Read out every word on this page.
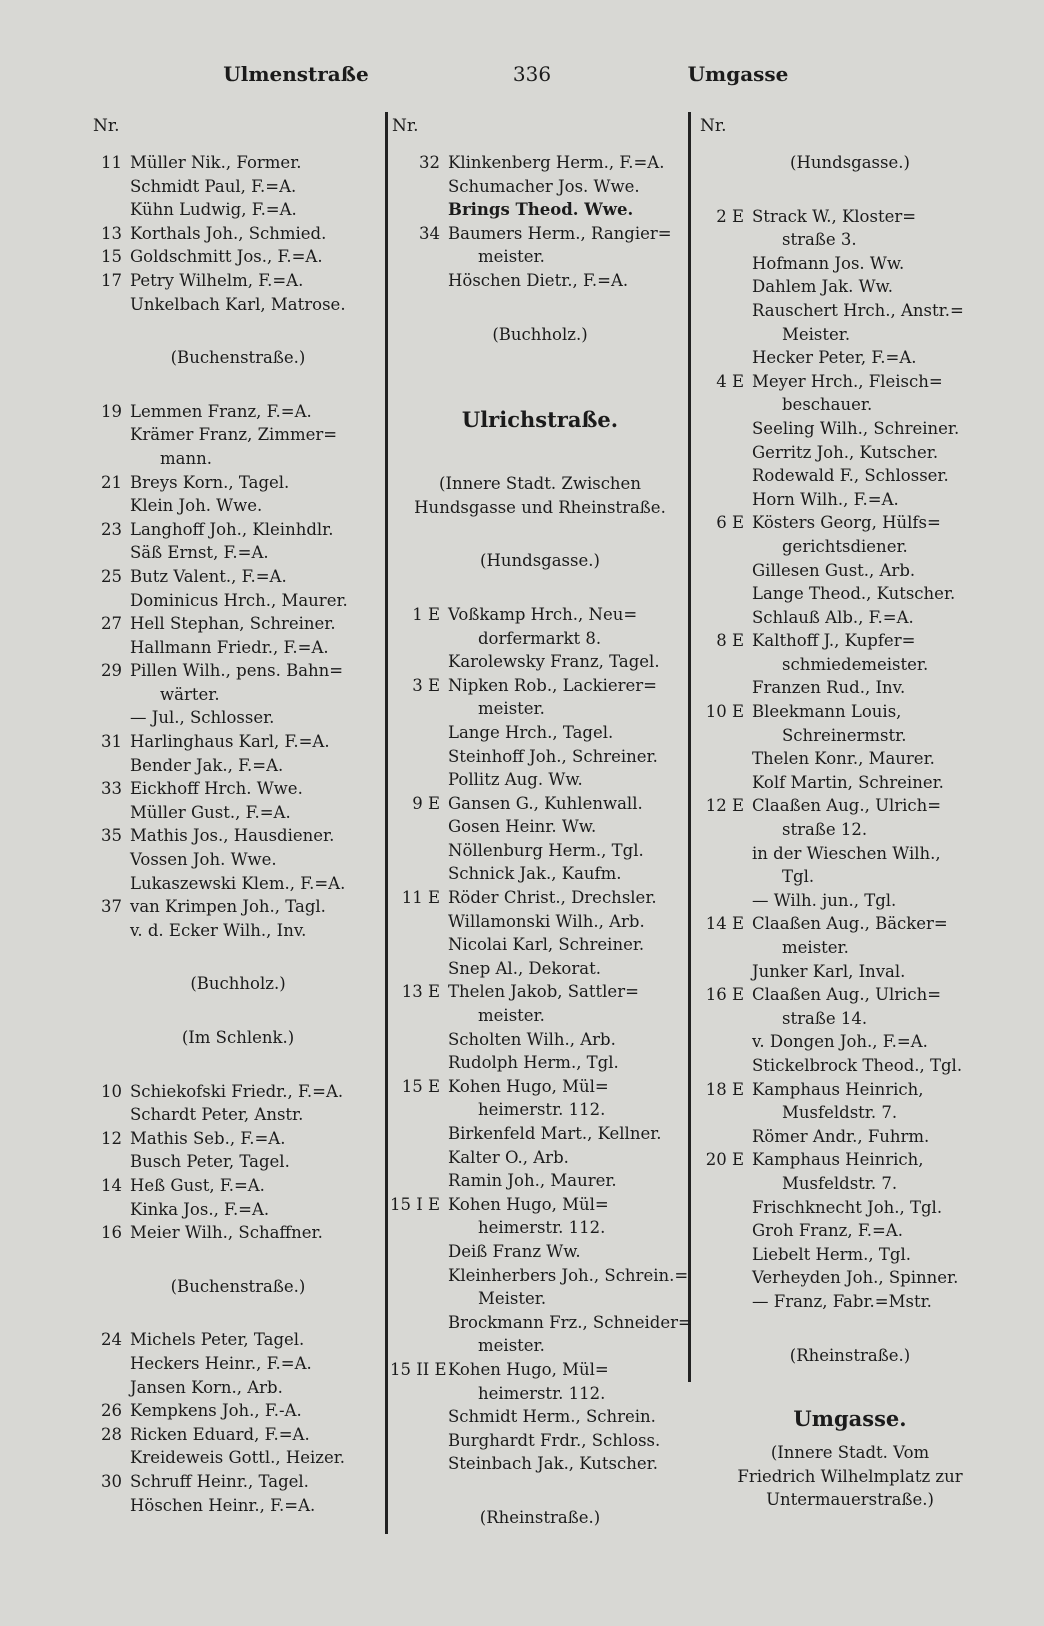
Ulmenstraße	336	Umgasse
Nr.	Nr.	Nr.
11 Müller Nik., Former.
Schmidt Paul, F.=A.
Kühn Ludwig, F.=A.
13 Korthals Joh., Schmied.
15 Goldschmitt Jos., F.=A.
17 Petry Wilhelm, F.=A.
Unkelbach Karl, Matrose.
(Buchenstraße.)
19 Lemmen Franz, F.=A.
Krämer Franz, Zimmer=
mann.
21 Breys Korn., Tagel.
Klein Joh. Wwe.
23 Langhoff Joh., Kleinhdlr.
Säß Ernst, F.=A.
25 Butz Valent., F.=A.
Dominicus Hrch., Maurer.
27 Hell Stephan, Schreiner.
Hallmann Friedr., F.=A.
29 Pillen Wilh., pens. Bahn=
wärter.
— Jul., Schlosser.
31 Harlinghaus Karl, F.=A.
Bender Jak., F.=A.
33 Eickhoff Hrch. Wwe.
Müller Gust., F.=A.
35 Mathis Jos., Hausdiener.
Vossen Joh. Wwe.
Lukaszewski Klem., F.=A.
37 van Krimpen Joh., Tagl.
v. d. Ecker Wilh., Inv.
(Buchholz.)
(Im Schlenk.)
10 Schiekofski Friedr., F.=A.
Schardt Peter, Anstr.
12 Mathis Seb., F.=A.
Busch Peter, Tagel.
14 Heß Gust, F.=A.
Kinka Jos., F.=A.
16 Meier Wilh., Schaffner.
(Buchenstraße.)
24 Michels Peter, Tagel.
Heckers Heinr., F.=A.
Jansen Korn., Arb.
26 Kempkens Joh., F.-A.
28 Ricken Eduard, F.=A.
Kreideweis Gottl., Heizer.
30 Schruff Heinr., Tagel.
Höschen Heinr., F.=A.
32 Klinkenberg Herm., F.=A.
Schumacher Jos. Wwe.
Brings Theod. Wwe.
34 Baumers Herm., Rangier=
meister.
Höschen Dietr., F.=A.
(Buchholz.)
Ulrichstraße.
(Innere Stadt. Zwischen
Hundsgasse und Rheinstraße.
(Hundsgasse.)
1 E Voßkamp Hrch., Neu=
dorfermarkt 8.
Karolewsky Franz, Tagel.
3 E Nipken Rob., Lackierer=
meister.
Lange Hrch., Tagel.
Steinhoff Joh., Schreiner.
Pollitz Aug. Ww.
9 E Gansen G., Kuhlenwall.
Gosen Heinr. Ww.
Nöllenburg Herm., Tgl.
Schnick Jak., Kaufm.
11 E Röder Christ., Drechsler.
Willamonski Wilh., Arb.
Nicolai Karl, Schreiner.
Snep Al., Dekorat.
13 E Thelen Jakob, Sattler=
meister.
Scholten Wilh., Arb.
Rudolph Herm., Tgl.
15 E Kohen Hugo, Mül=
heimerstr. 112.
Birkenfeld Mart., Kellner.
Kalter O., Arb.
Ramin Joh., Maurer.
15 I E Kohen Hugo, Mül=
heimerstr. 112.
Deiß Franz Ww.
Kleinherbers Joh., Schrein.=
Meister.
Brockmann Frz., Schneider=
meister.
15 II EKohen Hugo, Mül=
heimerstr. 112.
Schmidt Herm., Schrein.
Burghardt Frdr., Schloss.
Steinbach Jak., Kutscher.
(Rheinstraße.)
(Hundsgasse.)
2 E Strack W., Kloster=
straße 3.
Hofmann Jos. Ww.
Dahlem Jak. Ww.
Rauschert Hrch., Anstr.=
Meister.
Hecker Peter, F.=A.
4 E Meyer Hrch., Fleisch=
beschauer.
Seeling Wilh., Schreiner.
Gerritz Joh., Kutscher.
Rodewald F., Schlosser.
Horn Wilh., F.=A.
6 E Kösters Georg, Hülfs=
gerichtsdiener.
Gillesen Gust., Arb.
Lange Theod., Kutscher.
Schlauß Alb., F.=A.
8 E Kalthoff J., Kupfer=
schmiedemeister.
Franzen Rud., Inv.
10 E Bleekmann Louis,
Schreinermstr.
Thelen Konr., Maurer.
Kolf Martin, Schreiner.
12 E Claaßen Aug., Ulrich=
straße 12.
in der Wieschen Wilh.,
Tgl.
— Wilh. jun., Tgl.
14 E Claaßen Aug., Bäcker=
meister.
Junker Karl, Inval.
16 E Claaßen Aug., Ulrich=
straße 14.
v. Dongen Joh., F.=A.
Stickelbrock Theod., Tgl.
18 E Kamphaus Heinrich,
Musfeldstr. 7.
Römer Andr., Fuhrm.
20 E Kamphaus Heinrich,
Musfeldstr. 7.
Frischknecht Joh., Tgl.
Groh Franz, F.=A.
Liebelt Herm., Tgl.
Verheyden Joh., Spinner.
— Franz, Fabr.=Mstr.
(Rheinstraße.)
Umgasse.
(Innere Stadt. Vom
Friedrich Wilhelmplatz zur
Untermauerstraße.)
